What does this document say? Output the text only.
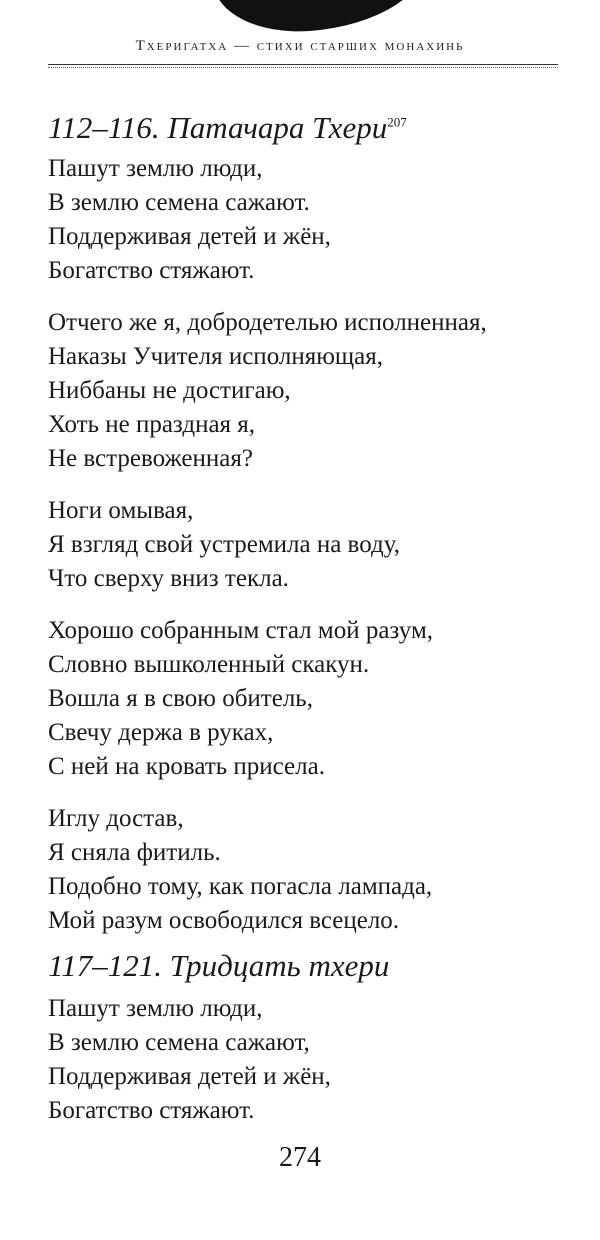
Тхеригатха — стихи старших монахинь
112–116. Патачара Тхери$^{207}$
Пашут землю люди,
В землю семена сажают.
Поддерживая детей и жён,
Богатство стяжают.
Отчего же я, добродетелью исполненная,
Наказы Учителя исполняющая,
Ниббаны не достигаю,
Хоть не праздная я,
Не встревоженная?
Ноги омывая,
Я взгляд свой устремила на воду,
Что сверху вниз текла.
Хорошо собранным стал мой разум,
Словно вышколенный скакун.
Вошла я в свою обитель,
Свечу держа в руках,
С ней на кровать присела.
Иглу достав,
Я сняла фитиль.
Подобно тому, как погасла лампада,
Мой разум освободился всецело.
117–121. Тридцать тхери
Пашут землю люди,
В землю семена сажают,
Поддерживая детей и жён,
Богатство стяжают.
274
